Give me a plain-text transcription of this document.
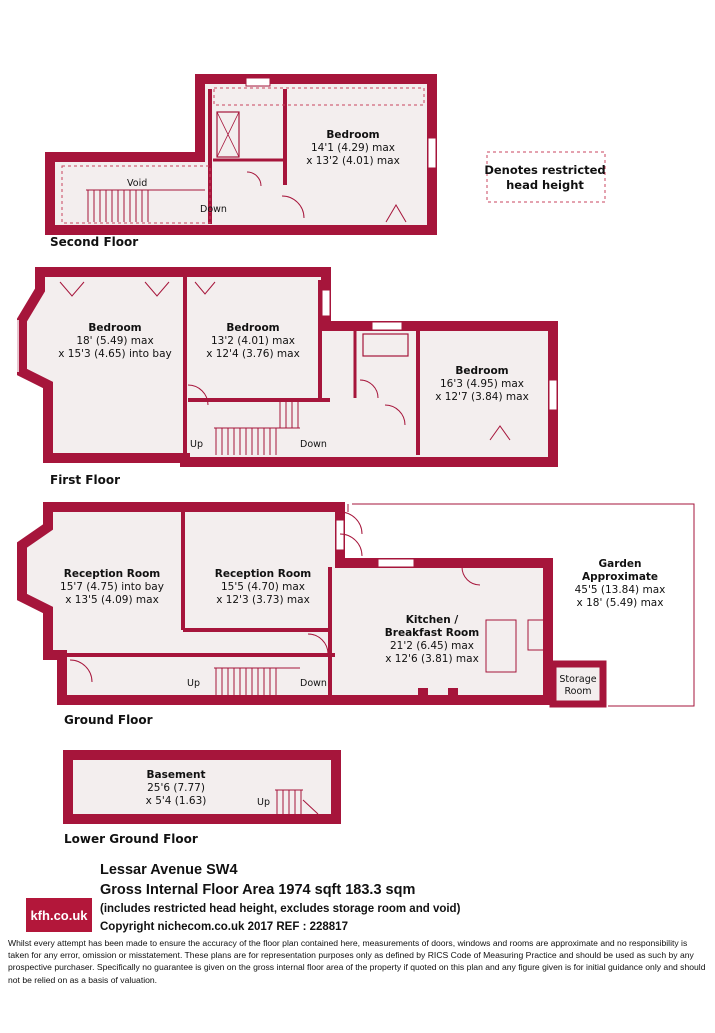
Denotes restricted
head height
Bedroom
14'1 (4.29) max
x 13'2 (4.01) max
Void
Down
Second Floor
Bedroom
18' (5.49) max
x 15'3 (4.65) into bay
Bedroom
13'2 (4.01) max
x 12'4 (3.76) max
Bedroom
16'3 (4.95) max
x 12'7 (3.84) max
Up	Down
First Floor
Reception Room
15'7 (4.75) into bay
x 13'5 (4.09) max
Reception Room
15'5 (4.70) max
x 12'3 (3.73) max
Kitchen /
Breakfast Room
21'2 (6.45) max
x 12'6 (3.81) max
Garden
Approximate
45'5 (13.84) max
x 18' (5.49) max
Storage
Room
Up	Down
Ground Floor
Basement
25'6 (7.77)
x 5'4 (1.63)	Up
Lower Ground Floor
Lessar Avenue SW4
Gross Internal Floor Area 1974 sqft 183.3 sqm
(includes restricted head height, excludes storage room and void)
Copyright nichecom.co.uk 2017 REF : 228817
kfh.co.uk
Whilst every attempt has been made to ensure the accuracy of the floor plan contained here, measurements of doors, windows and rooms are approximate and no responsibility is taken for any error, omission or misstatement. These plans are for representation purposes only as defined by RICS Code of Measuring Practice and should be used as such by any prospective purchaser. Specifically no guarantee is given on the gross internal floor area of the property if quoted on this plan and any figure given is for initial guidance only and should not be relied on as a basis of valuation.
